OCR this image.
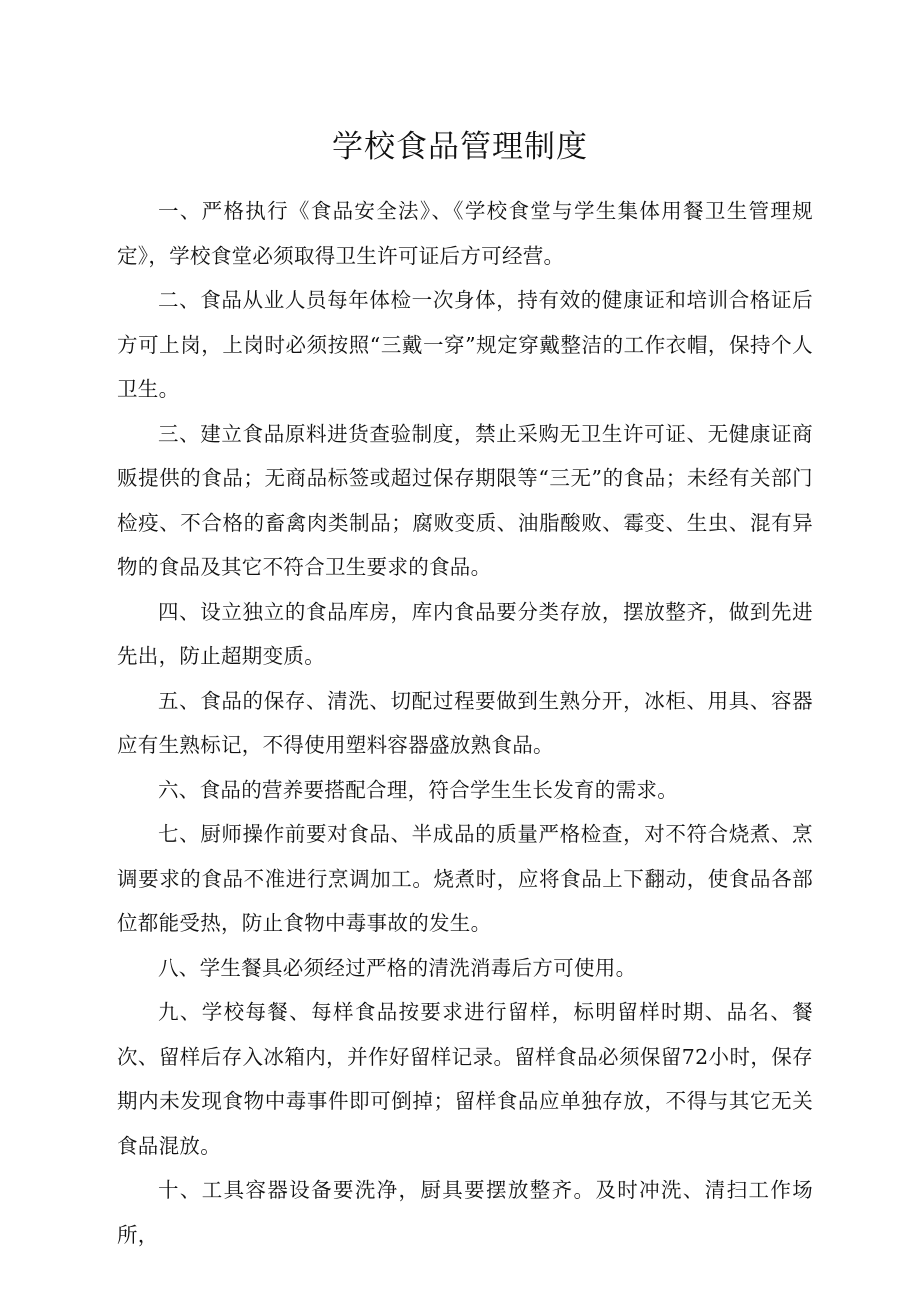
学校食品管理制度

一、严格执行《食品安全法》、《学校食堂与学生集体用餐卫生管理规定》，学校食堂必须取得卫生许可证后方可经营。

二、食品从业人员每年体检一次身体，持有效的健康证和培训合格证后方可上岗，上岗时必须按照“三戴一穿”规定穿戴整洁的工作衣帽，保持个人卫生。

三、建立食品原料进货查验制度，禁止采购无卫生许可证、无健康证商贩提供的食品；无商品标签或超过保存期限等“三无”的食品；未经有关部门检疫、不合格的畜禽肉类制品；腐败变质、油脂酸败、霉变、生虫、混有异物的食品及其它不符合卫生要求的食品。

四、设立独立的食品库房，库内食品要分类存放，摆放整齐，做到先进先出，防止超期变质。

五、食品的保存、清洗、切配过程要做到生熟分开，冰柜、用具、容器应有生熟标记，不得使用塑料容器盛放熟食品。

六、食品的营养要搭配合理，符合学生生长发育的需求。

七、厨师操作前要对食品、半成品的质量严格检查，对不符合烧煮、烹调要求的食品不准进行烹调加工。烧煮时，应将食品上下翻动，使食品各部位都能受热，防止食物中毒事故的发生。

八、学生餐具必须经过严格的清洗消毒后方可使用。

九、学校每餐、每样食品按要求进行留样，标明留样时期、品名、餐次、留样后存入冰箱内，并作好留样记录。留样食品必须保留72小时，保存期内未发现食物中毒事件即可倒掉；留样食品应单独存放，不得与其它无关食品混放。

十、工具容器设备要洗净，厨具要摆放整齐。及时冲洗、清扫工作场所，
